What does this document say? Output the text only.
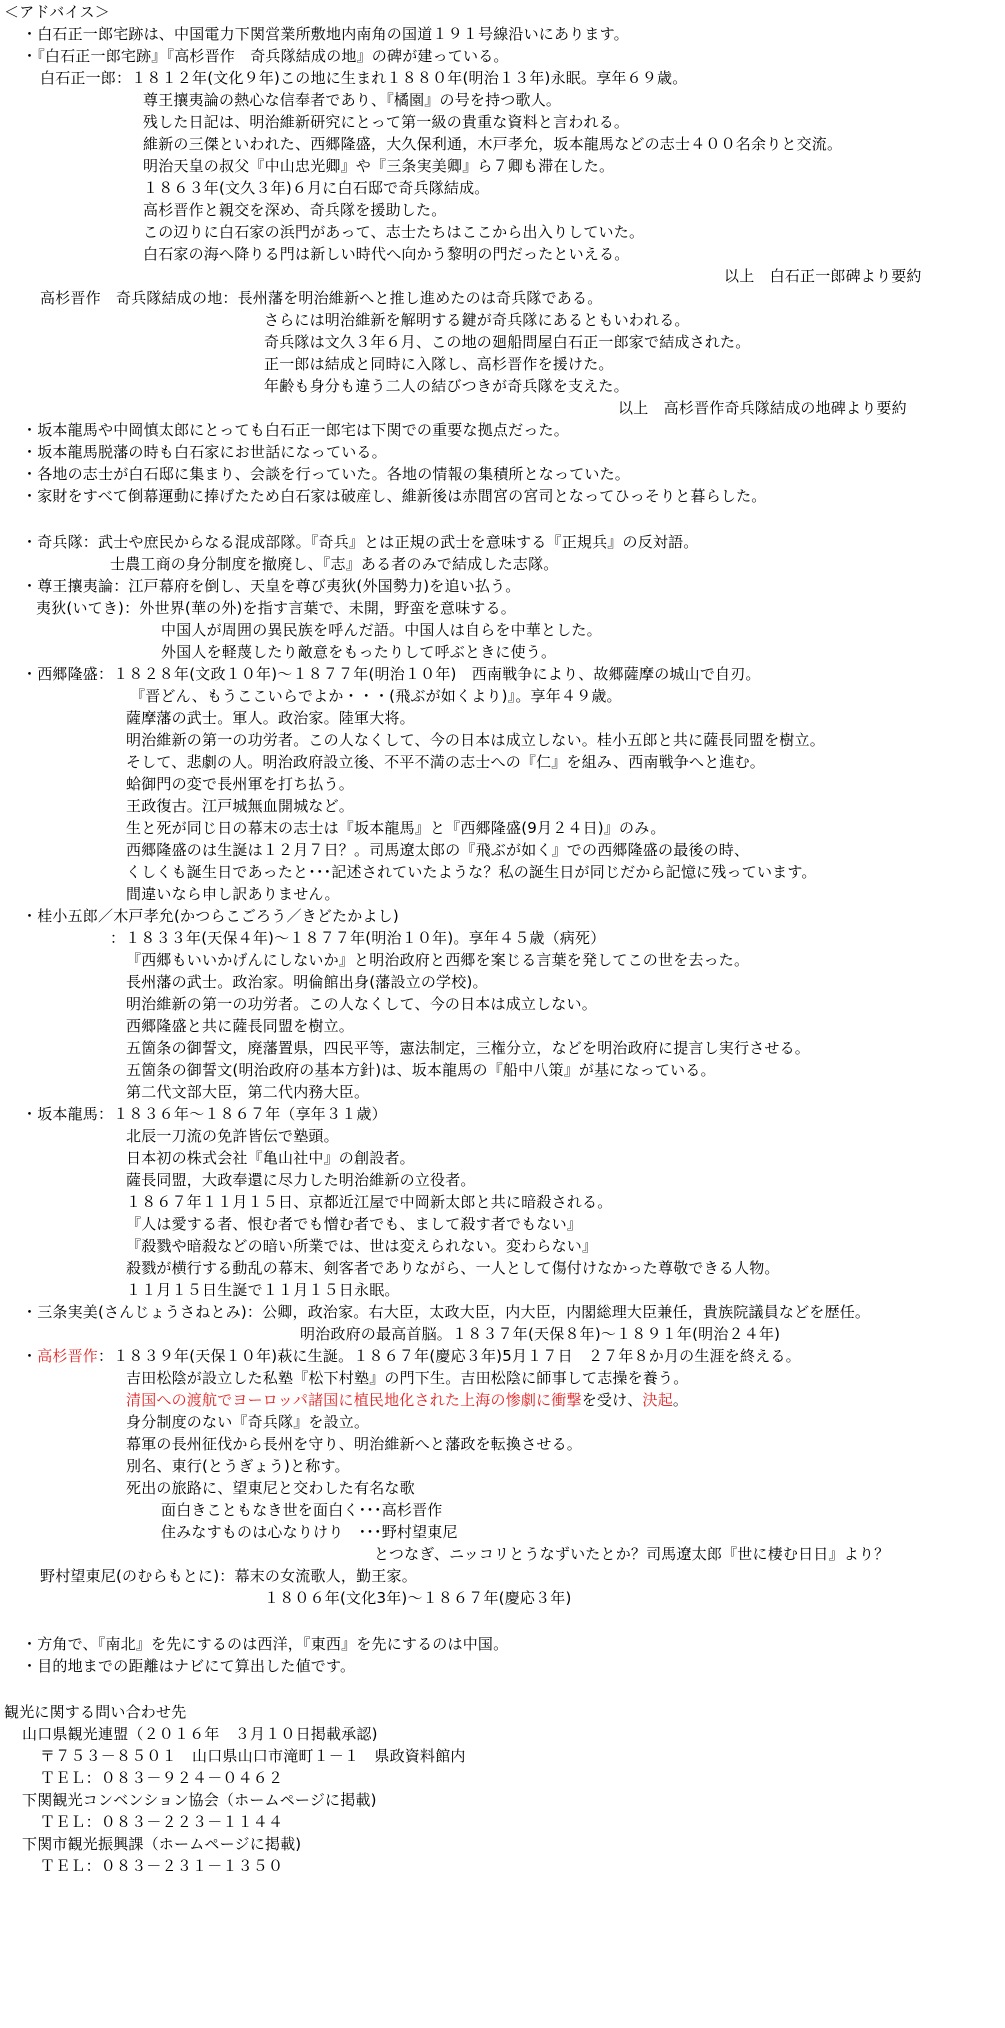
＜アドバイス＞
・白石正一郎宅跡は、中国電力下関営業所敷地内南角の国道１９１号線沿いにあります。
・『白石正一郎宅跡』『高杉晋作　奇兵隊結成の地』の碑が建っている。
白石正一郎：１８１２年(文化９年)この地に生まれ１８８０年(明治１３年)永眠。享年６９歳。
尊王攘夷論の熱心な信奉者であり、『橘園』の号を持つ歌人。
残した日記は、明治維新研究にとって第一級の貴重な資料と言われる。
維新の三傑といわれた、西郷隆盛，大久保利通，木戸孝允，坂本龍馬などの志士４００名余りと交流。
明治天皇の叔父『中山忠光卿』や『三条実美卿』ら７卿も滞在した。
１８６３年(文久３年)６月に白石邸で奇兵隊結成。
高杉晋作と親交を深め、奇兵隊を援助した。
この辺りに白石家の浜門があって、志士たちはここから出入りしていた。
白石家の海へ降りる門は新しい時代へ向かう黎明の門だったといえる。
以上　白石正一郎碑より要約
高杉晋作　奇兵隊結成の地：長州藩を明治維新へと推し進めたのは奇兵隊である。
さらには明治維新を解明する鍵が奇兵隊にあるともいわれる。
奇兵隊は文久３年６月、この地の廻船問屋白石正一郎家で結成された。
正一郎は結成と同時に入隊し、高杉晋作を援けた。
年齢も身分も違う二人の結びつきが奇兵隊を支えた。
以上　高杉晋作奇兵隊結成の地碑より要約
・坂本龍馬や中岡慎太郎にとっても白石正一郎宅は下関での重要な拠点だった。
・坂本龍馬脱藩の時も白石家にお世話になっている。
・各地の志士が白石邸に集まり、会談を行っていた。各地の情報の集積所となっていた。
・家財をすべて倒幕運動に捧げたため白石家は破産し、維新後は赤間宮の宮司となってひっそりと暮らした。
・奇兵隊：武士や庶民からなる混成部隊。『奇兵』とは正規の武士を意味する『正規兵』の反対語。
士農工商の身分制度を撤廃し、『志』ある者のみで結成した志隊。
・尊王攘夷論：江戸幕府を倒し、天皇を尊び夷狄(外国勢力)を追い払う。
夷狄(いてき)：外世界(華の外)を指す言葉で、未開，野蛮を意味する。
中国人が周囲の異民族を呼んだ語。中国人は自らを中華とした。
外国人を軽蔑したり敵意をもったりして呼ぶときに使う。
・西郷隆盛：１８２８年(文政１０年)～１８７７年(明治１０年)　西南戦争により、故郷薩摩の城山で自刃。
『晋どん、もうここいらでよか・・・(飛ぶが如くより)』。享年４９歳。
薩摩藩の武士。軍人。政治家。陸軍大将。
明治維新の第一の功労者。この人なくして、今の日本は成立しない。桂小五郎と共に薩長同盟を樹立。
そして、悲劇の人。明治政府設立後、不平不満の志士への『仁』を組み、西南戦争へと進む。
蛤御門の変で長州軍を打ち払う。
王政復古。江戸城無血開城など。
生と死が同じ日の幕末の志士は『坂本龍馬』と『西郷隆盛(9月２４日)』のみ。
西郷隆盛のは生誕は１２月７日？。司馬遼太郎の『飛ぶが如く』での西郷隆盛の最後の時、
くしくも誕生日であったと･･･記述されていたような？私の誕生日が同じだから記憶に残っています。
間違いなら申し訳ありません。
・桂小五郎／木戸孝允(かつらこごろう／きどたかよし)
：１８３３年(天保４年)～１８７７年(明治１０年)。享年４５歳（病死）
『西郷もいいかげんにしないか』と明治政府と西郷を案じる言葉を発してこの世を去った。
長州藩の武士。政治家。明倫館出身(藩設立の学校)。
明治維新の第一の功労者。この人なくして、今の日本は成立しない。
西郷隆盛と共に薩長同盟を樹立。
五箇条の御誓文，廃藩置県，四民平等，憲法制定，三権分立，などを明治政府に提言し実行させる。
五箇条の御誓文(明治政府の基本方針)は、坂本龍馬の『船中八策』が基になっている。
第二代文部大臣，第二代内務大臣。
・坂本龍馬：１８３６年～１８６７年（享年３１歳）
北辰一刀流の免許皆伝で塾頭。
日本初の株式会社『亀山社中』の創設者。
薩長同盟，大政奉還に尽力した明治維新の立役者。
１８６７年１１月１５日、京都近江屋で中岡新太郎と共に暗殺される。
『人は愛する者、恨む者でも憎む者でも、まして殺す者でもない』
『殺戮や暗殺などの暗い所業では、世は変えられない。変わらない』
殺戮が横行する動乱の幕末、剣客者でありながら、一人として傷付けなかった尊敬できる人物。
１１月１５日生誕で１１月１５日永眠。
・三条実美(さんじょうさねとみ)：公卿，政治家。右大臣，太政大臣，内大臣，内閣総理大臣兼任，貴族院議員などを歴任。
明治政府の最高首脳。１８３７年(天保８年)～１８９１年(明治２４年)
・高杉晋作：１８３９年(天保１０年)萩に生誕。１８６７年(慶応３年)5月１７日　２７年８か月の生涯を終える。
吉田松陰が設立した私塾『松下村塾』の門下生。吉田松陰に師事して志操を養う。
清国への渡航でヨーロッパ諸国に植民地化された上海の惨劇に衝撃を受け、決起。
身分制度のない『奇兵隊』を設立。
幕軍の長州征伐から長州を守り、明治維新へと藩政を転換させる。
別名、東行(とうぎょう)と称す。
死出の旅路に、望東尼と交わした有名な歌
面白きこともなき世を面白く･･･高杉晋作
住みなすものは心なりけり　･･･野村望東尼
とつなぎ、ニッコリとうなずいたとか？司馬遼太郎『世に棲む日日』より？
野村望東尼(のむらもとに)：幕末の女流歌人，勤王家。
１８０６年(文化3年)～１８６７年(慶応３年)
・方角で、『南北』を先にするのは西洋，『東西』を先にするのは中国。
・目的地までの距離はナビにて算出した値です。
観光に関する問い合わせ先
山口県観光連盟（２０１６年　３月１０日掲載承認)
〒７５３－８５０１　山口県山口市滝町１－１　県政資料館内
ＴＥＬ：０８３－９２４－０４６２
下関観光コンベンション協会（ホームページに掲載)
ＴＥＬ：０８３－２２３－１１４４
下関市観光振興課（ホームページに掲載)
ＴＥＬ：０８３－２３１－１３５０
